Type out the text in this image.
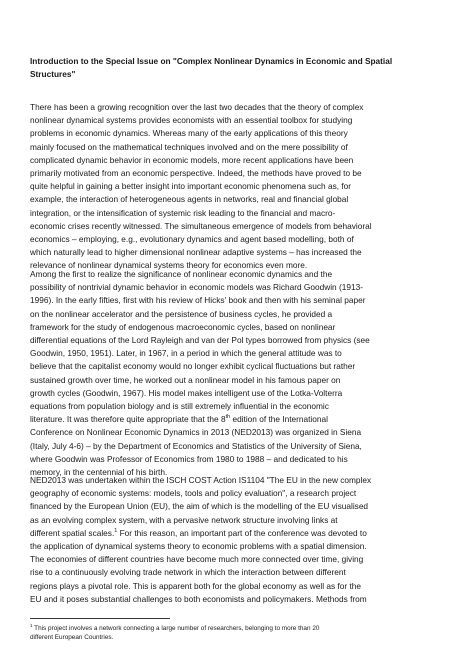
Introduction to the Special Issue on "Complex Nonlinear Dynamics in Economic and Spatial
Structures"
There has been a growing recognition over the last two decades that the theory of complex
nonlinear dynamical systems provides economists with an essential toolbox for studying
problems in economic dynamics. Whereas many of the early applications of this theory
mainly focused on the mathematical techniques involved and on the mere possibility of
complicated dynamic behavior in economic models, more recent applications have been
primarily motivated from an economic perspective. Indeed, the methods have proved to be
quite helpful in gaining a better insight into important economic phenomena such as, for
example, the interaction of heterogeneous agents in networks, real and financial global
integration, or the intensification of systemic risk leading to the financial and macro-
economic crises recently witnessed. The simultaneous emergence of models from behavioral
economics – employing, e.g., evolutionary dynamics and agent based modelling, both of
which naturally lead to higher dimensional nonlinear adaptive systems – has increased the
relevance of nonlinear dynamical systems theory for economics even more.
Among the first to realize the significance of nonlinear economic dynamics and the
possibility of nontrivial dynamic behavior in economic models was Richard Goodwin (1913-
1996). In the early fifties, first with his review of Hicks' book and then with his seminal paper
on the nonlinear accelerator and the persistence of business cycles, he provided a
framework for the study of endogenous macroeconomic cycles, based on nonlinear
differential equations of the Lord Rayleigh and van der Pol types borrowed from physics (see
Goodwin, 1950, 1951). Later, in 1967, in a period in which the general attitude was to
believe that the capitalist economy would no longer exhibit cyclical fluctuations but rather
sustained growth over time, he worked out a nonlinear model in his famous paper on
growth cycles (Goodwin, 1967). His model makes intelligent use of the Lotka-Volterra
equations from population biology and is still extremely influential in the economic
literature. It was therefore quite appropriate that the 8th edition of the International
Conference on Nonlinear Economic Dynamics in 2013 (NED2013) was organized in Siena
(Italy, July 4-6) – by the Department of Economics and Statistics of the University of Siena,
where Goodwin was Professor of Economics from 1980 to 1988 – and dedicated to his
memory, in the centennial of his birth.
NED2013 was undertaken within the ISCH COST Action IS1104 "The EU in the new complex
geography of economic systems: models, tools and policy evaluation", a research project
financed by the European Union (EU), the aim of which is the modelling of the EU visualised
as an evolving complex system, with a pervasive network structure involving links at
different spatial scales.$^1$ For this reason, an important part of the conference was devoted to
the application of dynamical systems theory to economic problems with a spatial dimension.
The economies of different countries have become much more connected over time, giving
rise to a continuously evolving trade network in which the interaction between different
regions plays a pivotal role. This is apparent both for the global economy as well as for the
EU and it poses substantial challenges to both economists and policymakers. Methods from
$^1$ This project involves a network connecting a large number of researchers, belonging to more than 20
different European Countries.
